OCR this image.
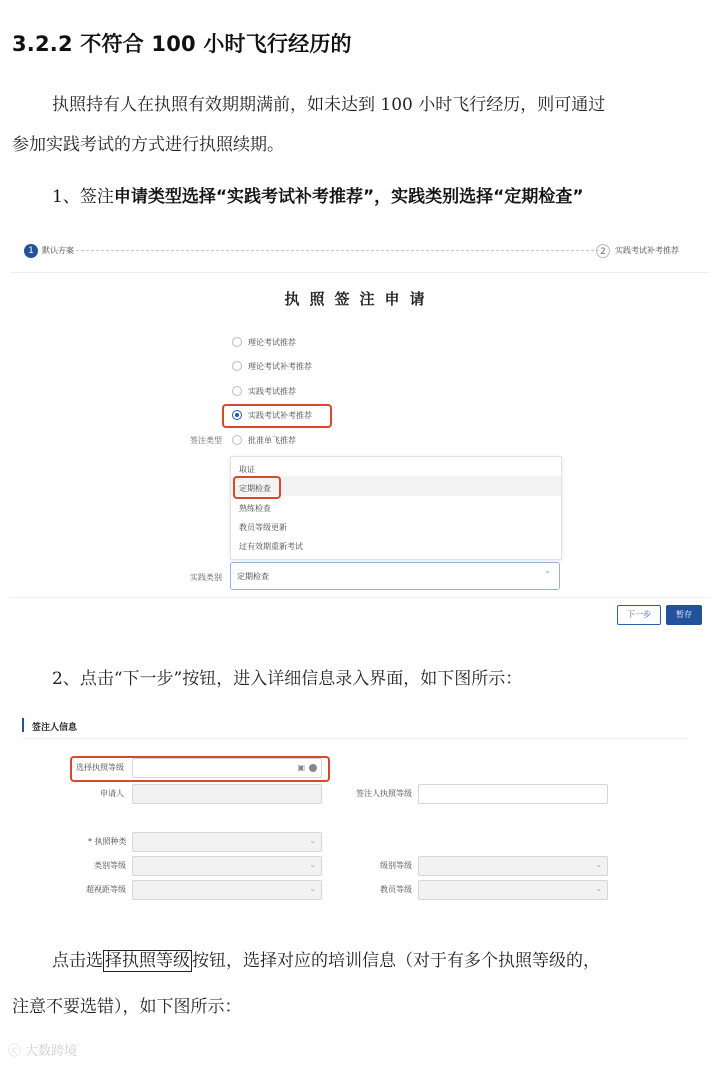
3.2.2 不符合 100 小时飞行经历的
执照持有人在执照有效期期满前，如未达到 100 小时飞行经历，则可通过
参加实践考试的方式进行执照续期。
1、签注申请类型选择“实践考试补考推荐”，实践类别选择“定期检查”
1	默认方案	2	实践考试补考推荐
执照签注申请
理论考试推荐
理论考试补考推荐
实践考试推荐
实践考试补考推荐
签注类型	批准单飞推荐
取证
定期检查
熟练检查
教员等级更新
过有效期重新考试
实践类别 定期检查	⌃
下一步	暂存
2、点击“下一步”按钮，进入详细信息录入界面，如下图所示：
签注人信息
选择执照等级	▣
申请人	签注人执照等级
* 执照种类	⌄
类别等级	⌄	级别等级	⌄
超视距等级	⌄	教员等级	⌄
点击选 择执照等级 按钮，选择对应的培训信息（对于有多个执照等级的，
注意不要选错），如下图所示：
ⓒ 大数跨境
